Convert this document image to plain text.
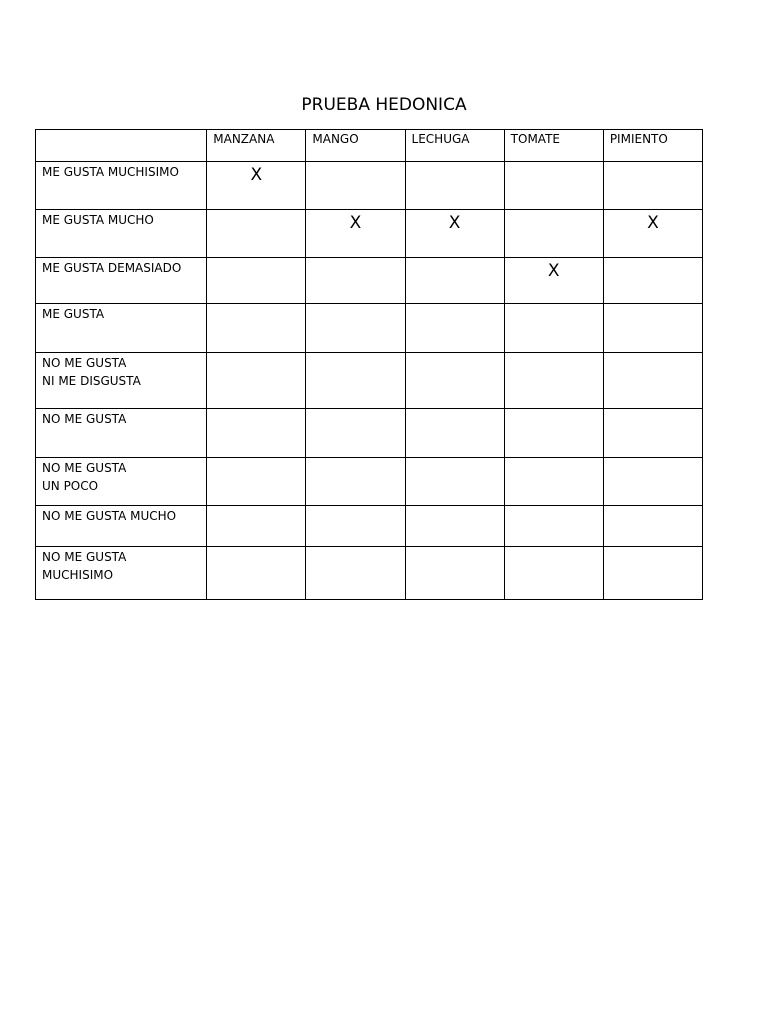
PRUEBA HEDONICA

	MANZANA	MANGO	LECHUGA	TOMATE	PIMIENTO

ME GUSTA MUCHISIMO	X				

ME GUSTA MUCHO		X	X		X

ME GUSTA DEMASIADO				X	

ME GUSTA					

NO ME GUSTA
NI ME DISGUSTA					

NO ME GUSTA					

NO ME GUSTA
UN POCO					

NO ME GUSTA MUCHO					

NO ME GUSTA
MUCHISIMO					
